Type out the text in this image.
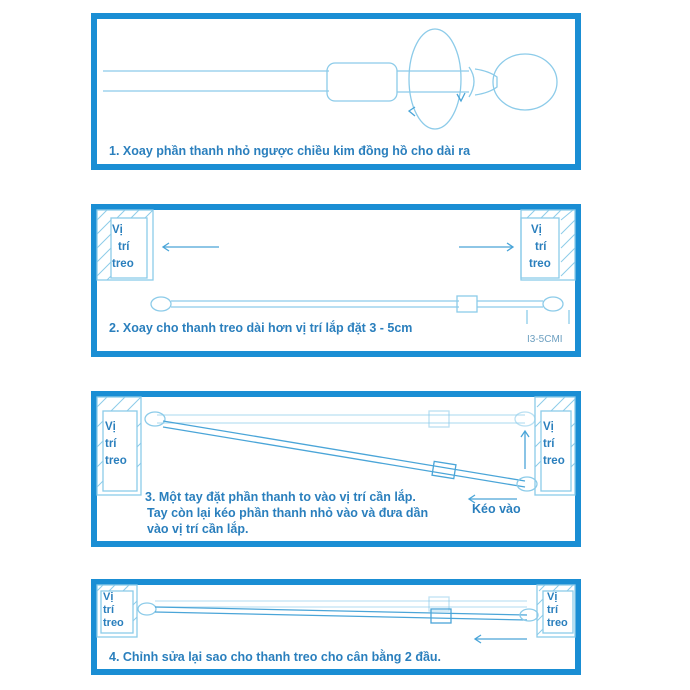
1. Xoay phần thanh nhỏ ngược chiều kim đồng hồ cho dài ra
Vị
trí
treo
Vị
trí
treo
2. Xoay cho thanh treo dài hơn vị trí lắp đặt 3 - 5cm
I3-5CMI
Vị
trí
treo
Vị
trí
treo
3. Một tay đặt phần thanh to vào vị trí cần lắp.
Tay còn lại kéo phần thanh nhỏ vào và đưa dần
vào vị trí cần lắp.
Kéo vào
Vị
trí
treo
Vị
trí
treo
4. Chỉnh sửa lại sao cho thanh treo cho cân bằng 2 đầu.
